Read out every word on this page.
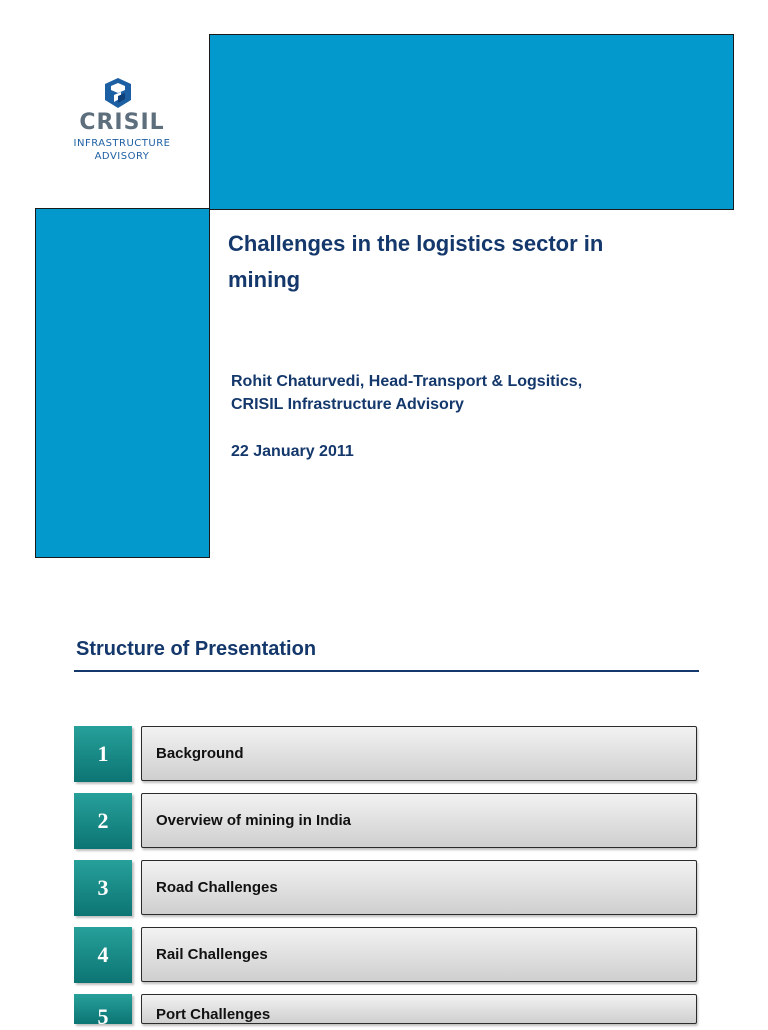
CRISIL
INFRASTRUCTURE
ADVISORY
Challenges in the logistics sector in
mining
Rohit Chaturvedi, Head-Transport & Logsitics,
CRISIL Infrastructure Advisory
22 January 2011
Structure of Presentation
1	Background
2	Overview of mining in India
3	Road Challenges
4	Rail Challenges
5	Port Challenges
